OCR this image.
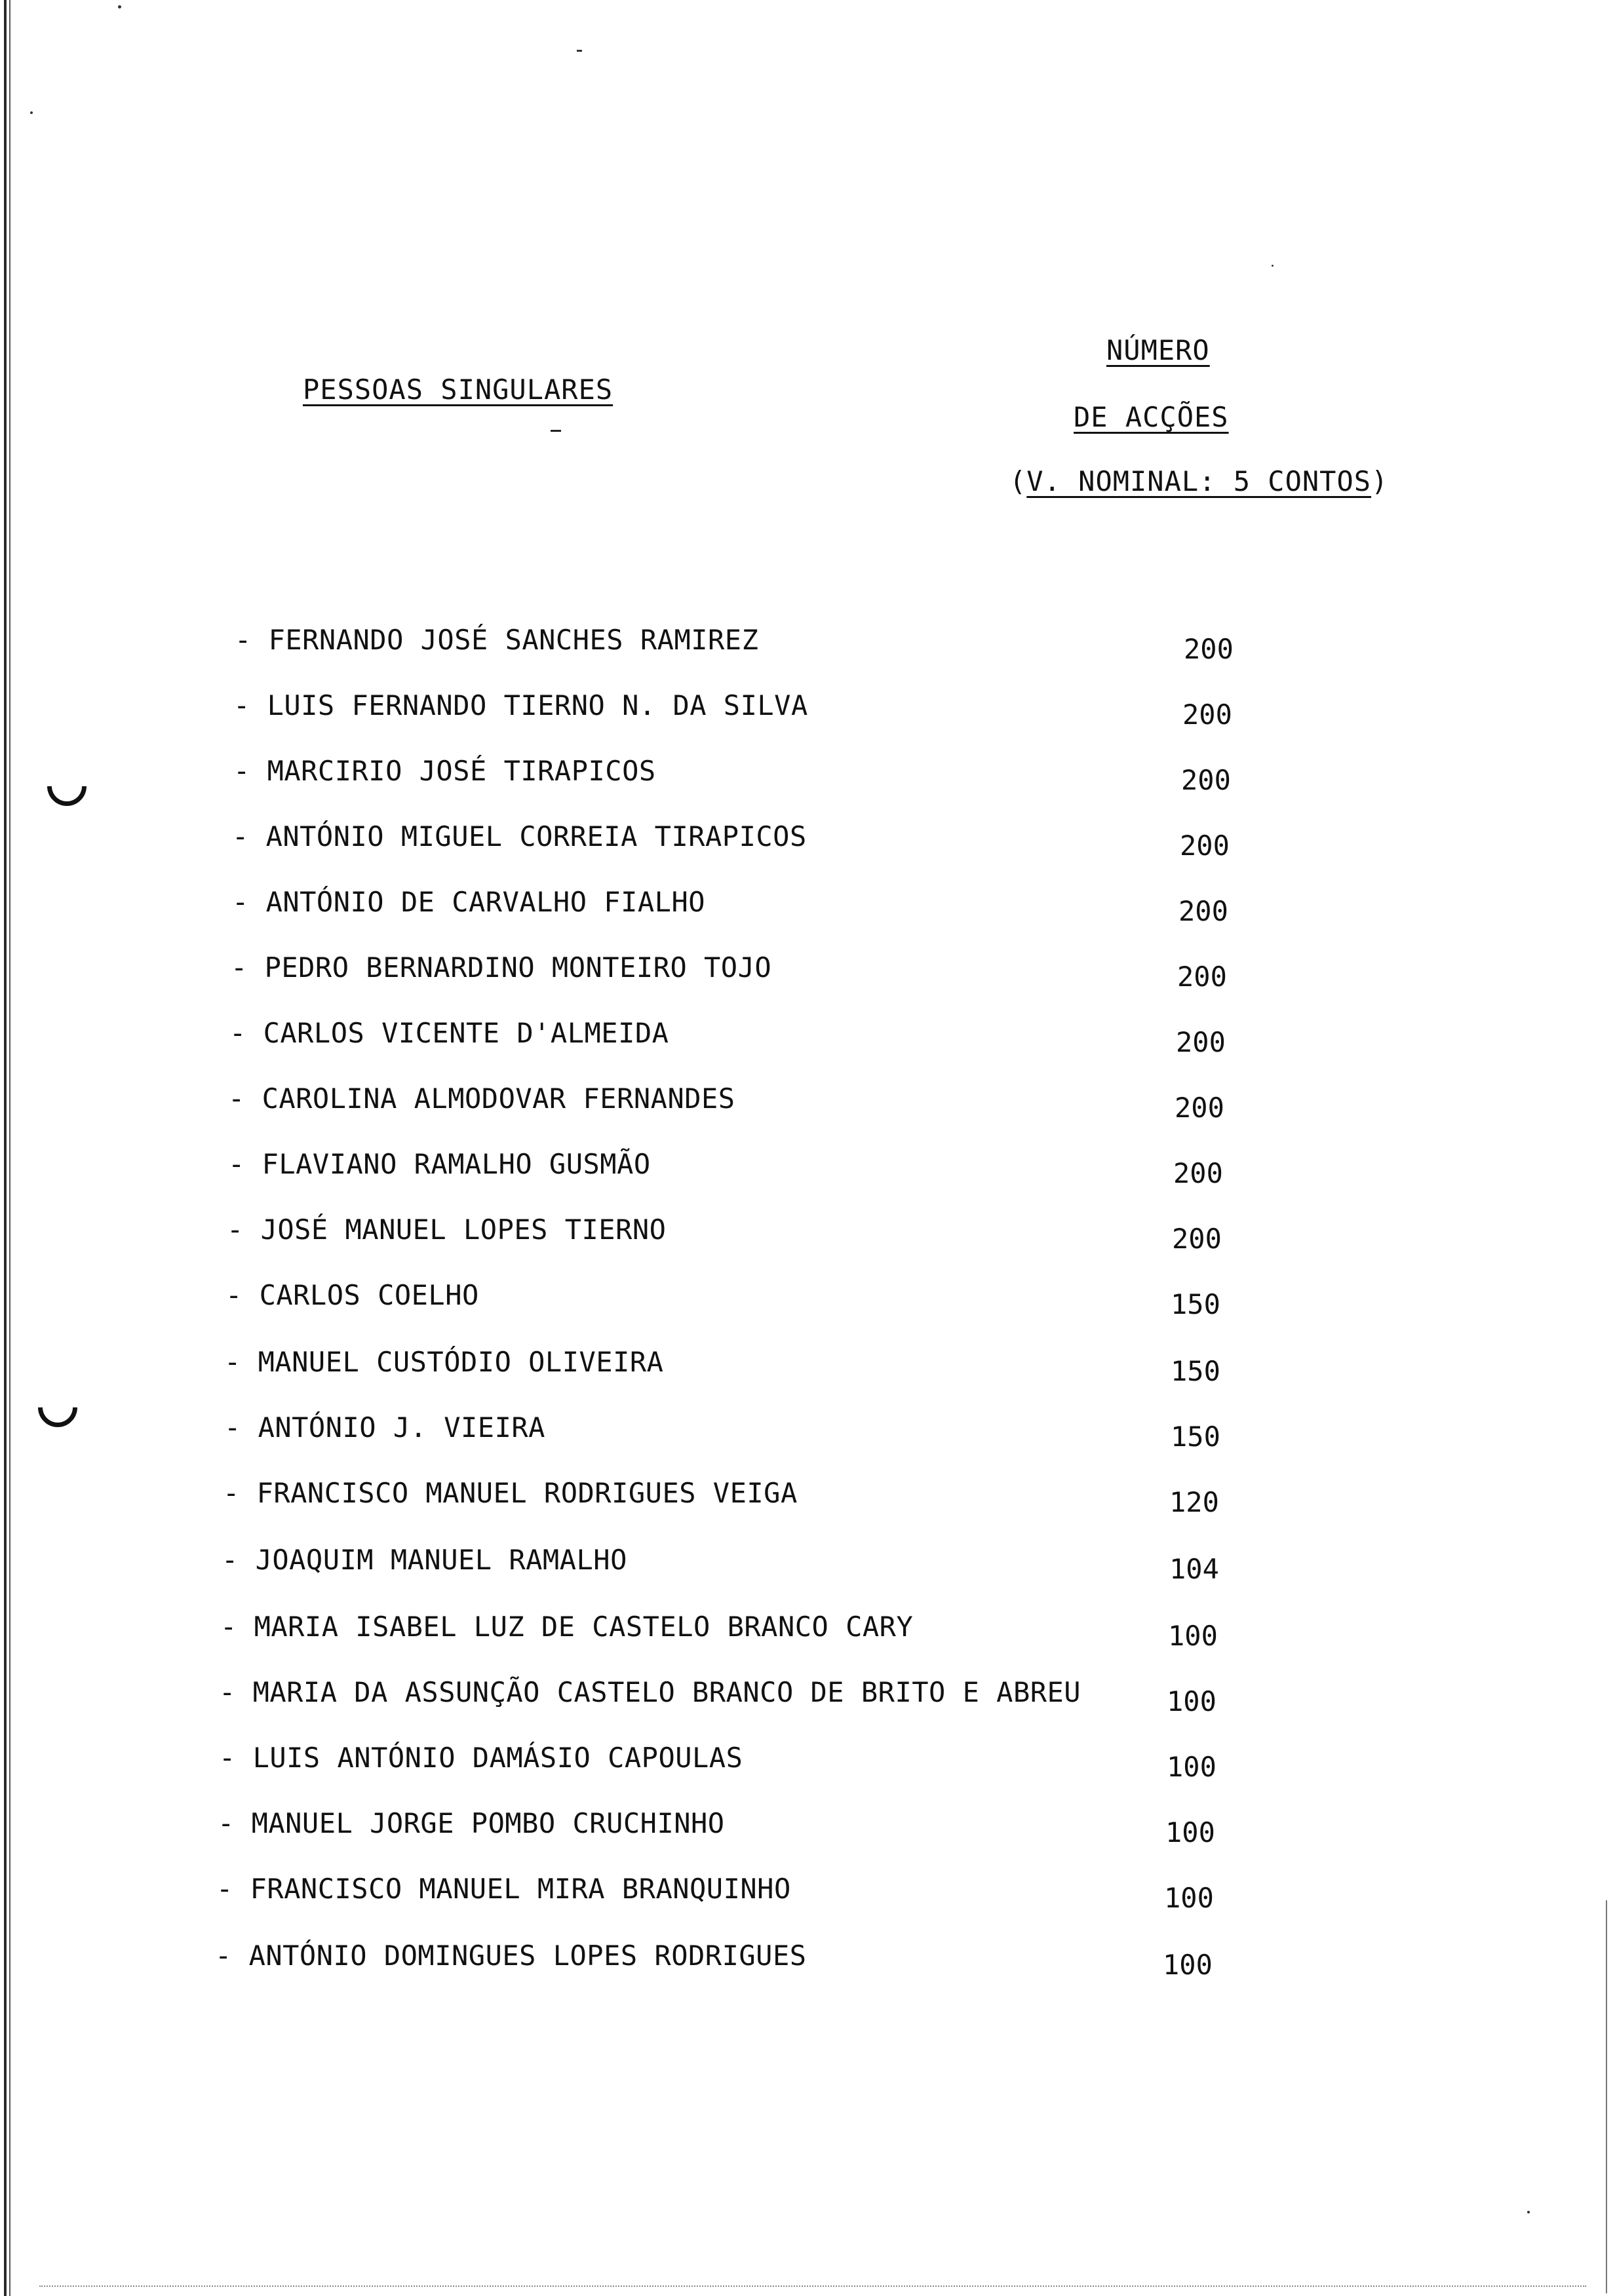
PESSOAS SINGULARES
NÚMERO
DE ACÇÕES
(V. NOMINAL: 5 CONTOS)
- FERNANDO JOSÉ SANCHES RAMIREZ	200
- LUIS FERNANDO TIERNO N. DA SILVA	200
- MARCIRIO JOSÉ TIRAPICOS	200
- ANTÓNIO MIGUEL CORREIA TIRAPICOS	200
- ANTÓNIO DE CARVALHO FIALHO	200
- PEDRO BERNARDINO MONTEIRO TOJO	200
- CARLOS VICENTE D'ALMEIDA	200
- CAROLINA ALMODOVAR FERNANDES	200
- FLAVIANO RAMALHO GUSMÃO	200
- JOSÉ MANUEL LOPES TIERNO	200
- CARLOS COELHO	150
- MANUEL CUSTÓDIO OLIVEIRA	150
- ANTÓNIO J. VIEIRA	150
- FRANCISCO MANUEL RODRIGUES VEIGA	120
- JOAQUIM MANUEL RAMALHO	104
- MARIA ISABEL LUZ DE CASTELO BRANCO CARY	100
- MARIA DA ASSUNÇÃO CASTELO BRANCO DE BRITO E ABREU	100
- LUIS ANTÓNIO DAMÁSIO CAPOULAS	100
- MANUEL JORGE POMBO CRUCHINHO	100
- FRANCISCO MANUEL MIRA BRANQUINHO	100
- ANTÓNIO DOMINGUES LOPES RODRIGUES	100
